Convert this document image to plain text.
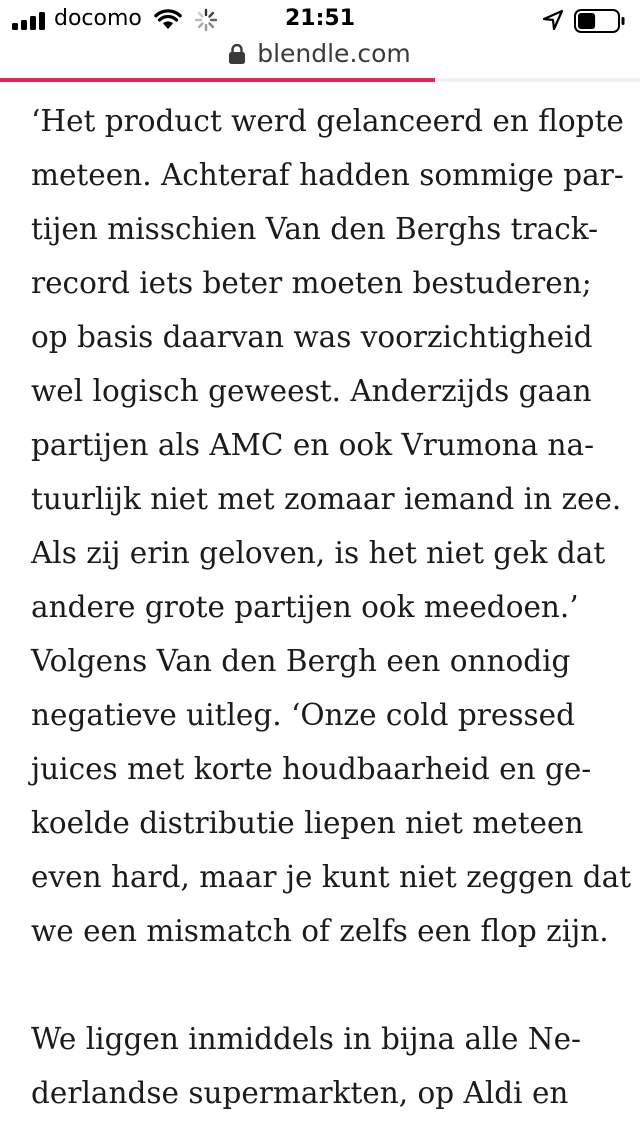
docomo	21:51
blendle.com
‘Het product werd gelanceerd en flopte
meteen. Achteraf hadden sommige par-
tijen misschien Van den Berghs track-
record iets beter moeten bestuderen;
op basis daarvan was voorzichtigheid
wel logisch geweest. Anderzijds gaan
partijen als AMC en ook Vrumona na-
tuurlijk niet met zomaar iemand in zee.
Als zij erin geloven, is het niet gek dat
andere grote partijen ook meedoen.’
Volgens Van den Bergh een onnodig
negatieve uitleg. ‘Onze cold pressed
juices met korte houdbaarheid en ge-
koelde distributie liepen niet meteen
even hard, maar je kunt niet zeggen dat
we een mismatch of zelfs een flop zijn.
We liggen inmiddels in bijna alle Ne-
derlandse supermarkten, op Aldi en
